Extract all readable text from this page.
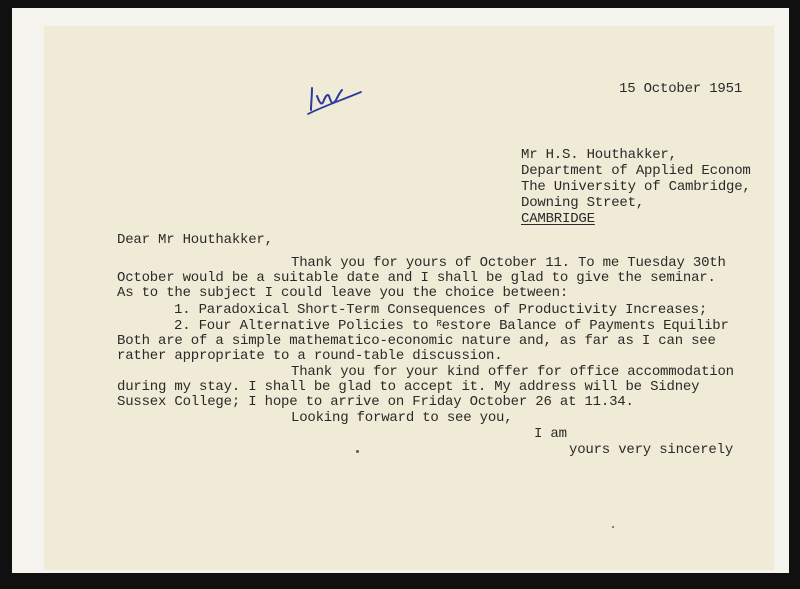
15 October 1951
Mr H.S. Houthakker,
Department of Applied Econom
The University of Cambridge,
Downing Street,
CAMBRIDGE
Dear Mr Houthakker,
Thank you for yours of October 11. To me Tuesday 30th
October would be a suitable date and I shall be glad to give the seminar.
As to the subject I could leave you the choice between:
1. Paradoxical Short-Term Consequences of Productivity Increases;
2. Four Alternative Policies to $^R$estore Balance of Payments Equilibr
Both are of a simple mathematico-economic nature and, as far as I can see
rather appropriate to a round-table discussion.
Thank you for your kind offer for office accommodation
during my stay. I shall be glad to accept it. My address will be Sidney
Sussex College; I hope to arrive on Friday October 26 at 11.34.
Looking forward to see you,
I am
yours very sincerely
